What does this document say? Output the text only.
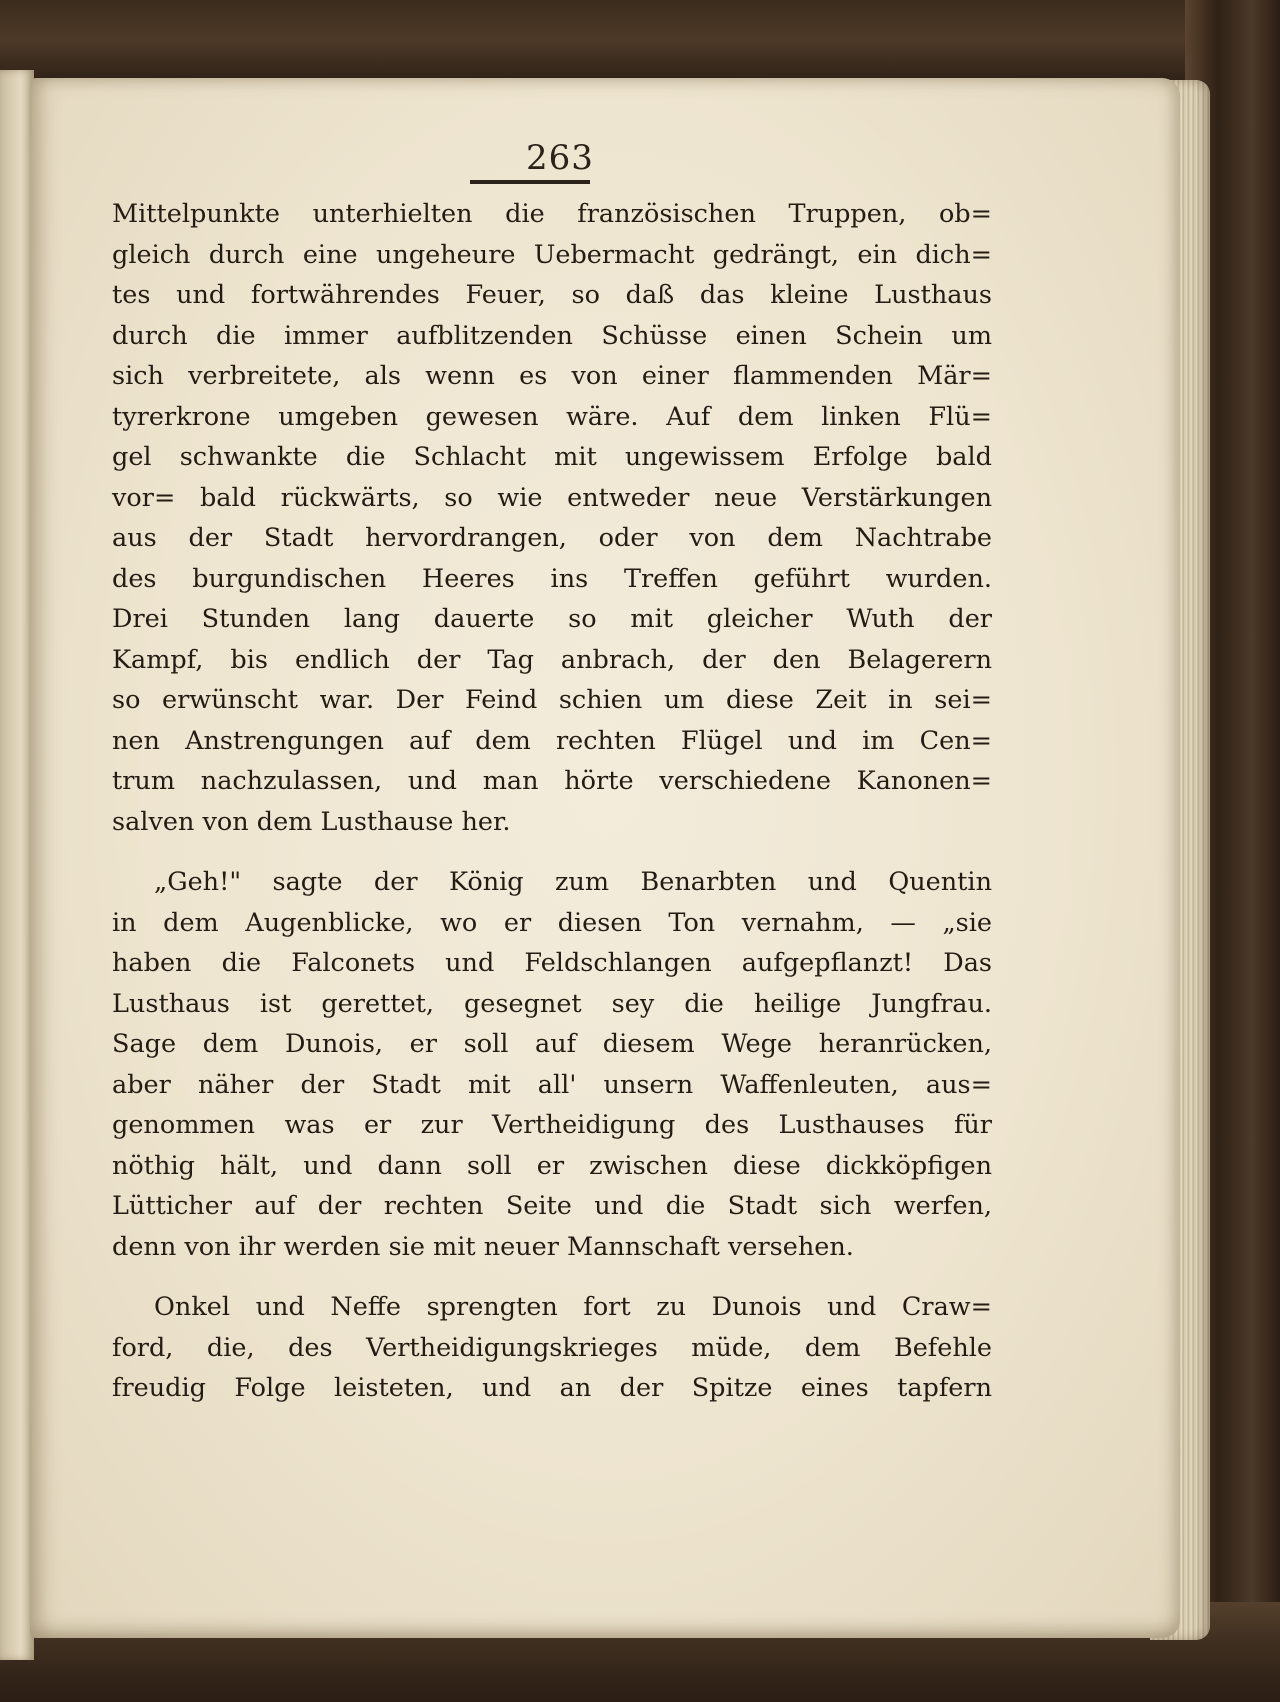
263
Mittelpunkte unterhielten die französischen Truppen, ob=
gleich durch eine ungeheure Uebermacht gedrängt, ein dich=
tes und fortwährendes Feuer, so daß das kleine Lusthaus
durch die immer aufblitzenden Schüsse einen Schein um
sich verbreitete, als wenn es von einer flammenden Mär=
tyrerkrone umgeben gewesen wäre. Auf dem linken Flü=
gel schwankte die Schlacht mit ungewissem Erfolge bald
vor= bald rückwärts, so wie entweder neue Verstärkungen
aus der Stadt hervordrangen, oder von dem Nachtrabe
des burgundischen Heeres ins Treffen geführt wurden.
Drei Stunden lang dauerte so mit gleicher Wuth der
Kampf, bis endlich der Tag anbrach, der den Belagerern
so erwünscht war. Der Feind schien um diese Zeit in sei=
nen Anstrengungen auf dem rechten Flügel und im Cen=
trum nachzulassen, und man hörte verschiedene Kanonen=
salven von dem Lusthause her.
„Geh!" sagte der König zum Benarbten und Quentin
in dem Augenblicke, wo er diesen Ton vernahm, — „sie
haben die Falconets und Feldschlangen aufgepflanzt! Das
Lusthaus ist gerettet, gesegnet sey die heilige Jungfrau.
Sage dem Dunois, er soll auf diesem Wege heranrücken,
aber näher der Stadt mit all' unsern Waffenleuten, aus=
genommen was er zur Vertheidigung des Lusthauses für
nöthig hält, und dann soll er zwischen diese dickköpfigen
Lütticher auf der rechten Seite und die Stadt sich werfen,
denn von ihr werden sie mit neuer Mannschaft versehen.
Onkel und Neffe sprengten fort zu Dunois und Craw=
ford, die, des Vertheidigungskrieges müde, dem Befehle
freudig Folge leisteten, und an der Spitze eines tapfern
